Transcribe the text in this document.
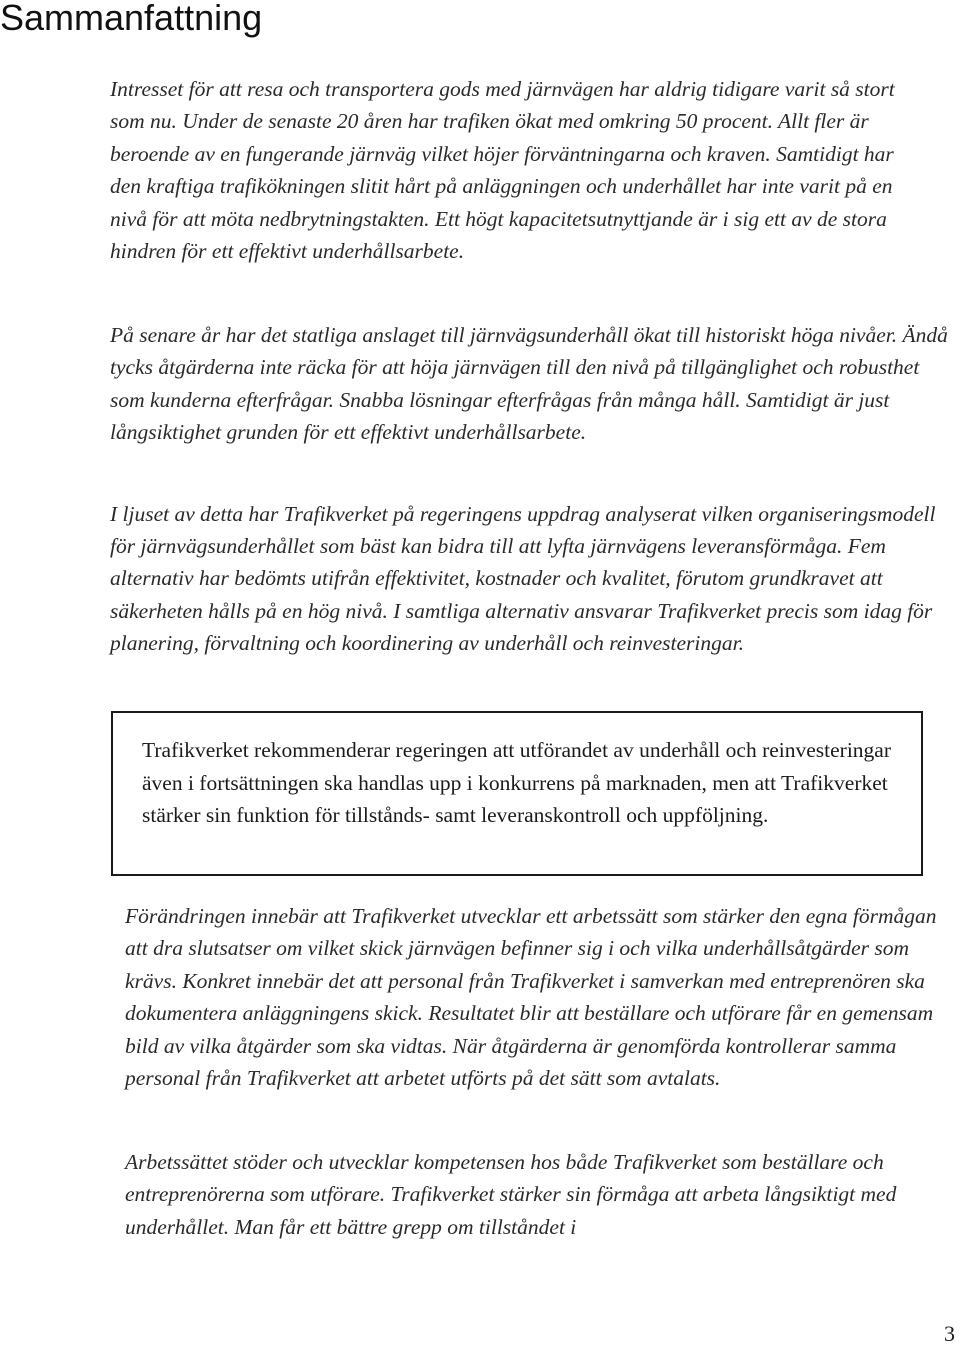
Sammanfattning

Intresset för att resa och transportera gods med järnvägen har aldrig tidigare varit så stort som nu. Under de senaste 20 åren har trafiken ökat med omkring 50 procent. Allt fler är beroende av en fungerande järnväg vilket höjer förväntningarna och kraven. Samtidigt har den kraftiga trafikökningen slitit hårt på anläggningen och underhållet har inte varit på en nivå för att möta nedbrytningstakten. Ett högt kapacitetsutnyttjande är i sig ett av de stora hindren för ett effektivt underhållsarbete.

På senare år har det statliga anslaget till järnvägsunderhåll ökat till historiskt höga nivåer. Ändå tycks åtgärderna inte räcka för att höja järnvägen till den nivå på tillgänglighet och robusthet som kunderna efterfrågar. Snabba lösningar efterfrågas från många håll. Samtidigt är just långsiktighet grunden för ett effektivt underhållsarbete.

I ljuset av detta har Trafikverket på regeringens uppdrag analyserat vilken organiseringsmodell för järnvägsunderhållet som bäst kan bidra till att lyfta järnvägens leveransförmåga. Fem alternativ har bedömts utifrån effektivitet, kostnader och kvalitet, förutom grundkravet att säkerheten hålls på en hög nivå. I samtliga alternativ ansvarar Trafikverket precis som idag för planering, förvaltning och koordinering av underhåll och reinvesteringar.

Trafikverket rekommenderar regeringen att utförandet av underhåll och reinvesteringar även i fortsättningen ska handlas upp i konkurrens på marknaden, men att Trafikverket stärker sin funktion för tillstånds- samt leveranskontroll och uppföljning.

Förändringen innebär att Trafikverket utvecklar ett arbetssätt som stärker den egna förmågan att dra slutsatser om vilket skick järnvägen befinner sig i och vilka underhållsåtgärder som krävs. Konkret innebär det att personal från Trafikverket i samverkan med entreprenören ska dokumentera anläggningens skick. Resultatet blir att beställare och utförare får en gemensam bild av vilka åtgärder som ska vidtas. När åtgärderna är genomförda kontrollerar samma personal från Trafikverket att arbetet utförts på det sätt som avtalats.

Arbetssättet stöder och utvecklar kompetensen hos både Trafikverket som beställare och entreprenörerna som utförare. Trafikverket stärker sin förmåga att arbeta långsiktigt med underhållet. Man får ett bättre grepp om tillståndet i

3
